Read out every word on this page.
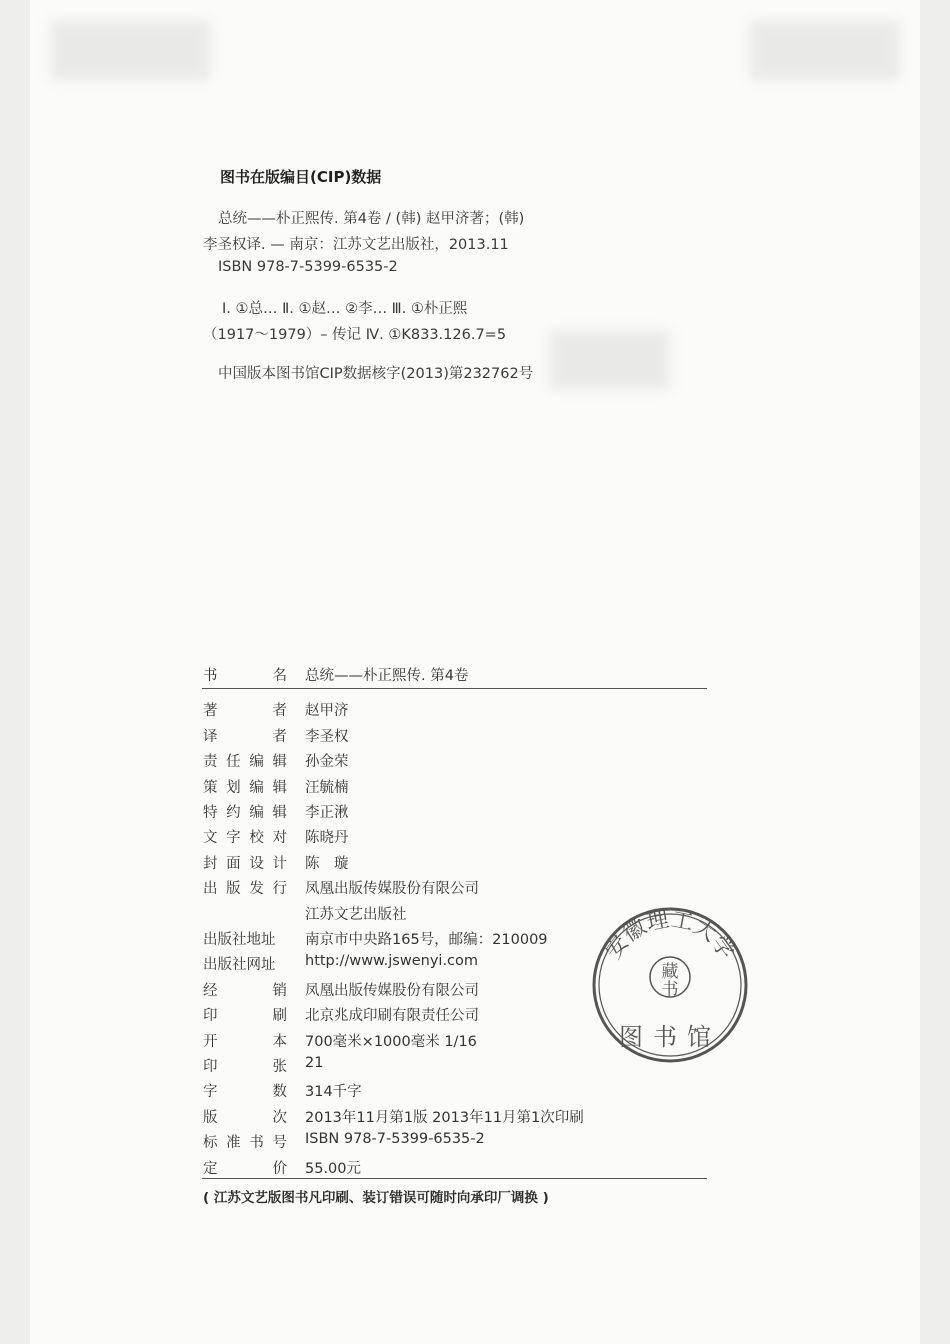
图书在版编目(CIP)数据
总统——朴正熙传. 第4卷 / (韩) 赵甲济著；(韩)
李圣权译. — 南京：江苏文艺出版社，2013.11
ISBN 978-7-5399-6535-2
Ⅰ. ①总… Ⅱ. ①赵… ②李… Ⅲ. ①朴正熙
（1917～1979）– 传记 Ⅳ. ①K833.126.7=5
中国版本图书馆CIP数据核字(2013)第232762号
书名 总统——朴正熙传. 第4卷
著者 赵甲济
译者 李圣权
责任编辑 孙金荣
策划编辑 汪毓楠
特约编辑 李正湫
文字校对 陈晓丹
封面设计 陈　璇
出版发行 凤凰出版传媒股份有限公司
江苏文艺出版社
出版社地址	南京市中央路165号，邮编：210009
出版社网址	http://www.jswenyi.com
经销 凤凰出版传媒股份有限公司
印刷 北京兆成印刷有限责任公司
开本 700毫米×1000毫米 1/16
印张 21
字数 314千字
版次 2013年11月第1版 2013年11月第1次印刷
标准书号 ISBN 978-7-5399-6535-2
定价 55.00元
( 江苏文艺版图书凡印刷、装订错误可随时向承印厂调换 )
安徽理工大学
藏
书
图书馆
